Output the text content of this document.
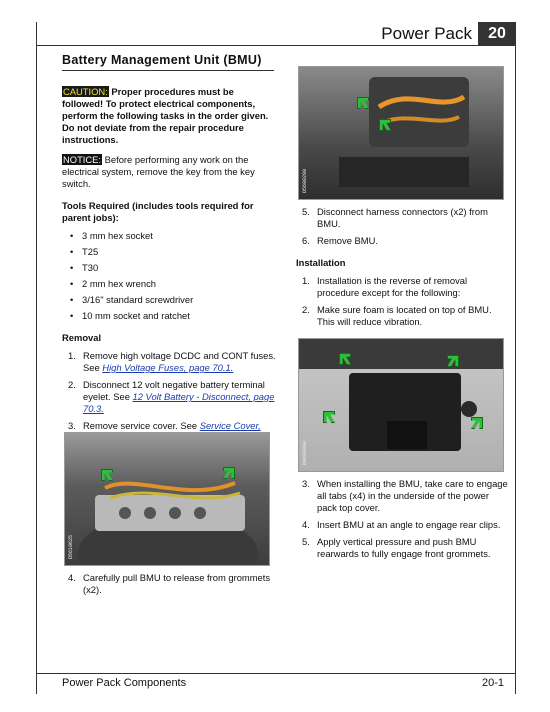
Power Pack	20
Battery Management Unit (BMU)

CAUTION: Proper procedures must be followed! To protect electrical components, perform the following tasks in the order given. Do not deviate from the repair procedure instructions.

NOTICE: Before performing any work on the electrical system, remove the key from the key switch.

Tools Required (includes tools required for parent jobs):
• 3 mm hex socket
• T25
• T30
• 2 mm hex wrench
• 3/16" standard screwdriver
• 10 mm socket and ratchet
Removal
1. Remove high voltage DCDC and CONT fuses. See High Voltage Fuses, page 70.1.
2. Disconnect 12 volt negative battery terminal eyelet. See 12 Volt Battery - Disconnect, page 70.3.
3. Remove service cover. See Service Cover,
D5610625
4. Carefully pull BMU to release from grommets (x2).
D5600290
5. Disconnect harness connectors (x2) from BMU.
6. Remove BMU.
Installation
1. Installation is the reverse of removal procedure except for the following:
2. Make sure foam is located on top of BMU. This will reduce vibration.
D0600300
3. When installing the BMU, take care to engage all tabs (x4) in the underside of the power pack top cover.
4. Insert BMU at an angle to engage rear clips.
5. Apply vertical pressure and push BMU rearwards to fully engage front grommets.
Power Pack Components	20-1
